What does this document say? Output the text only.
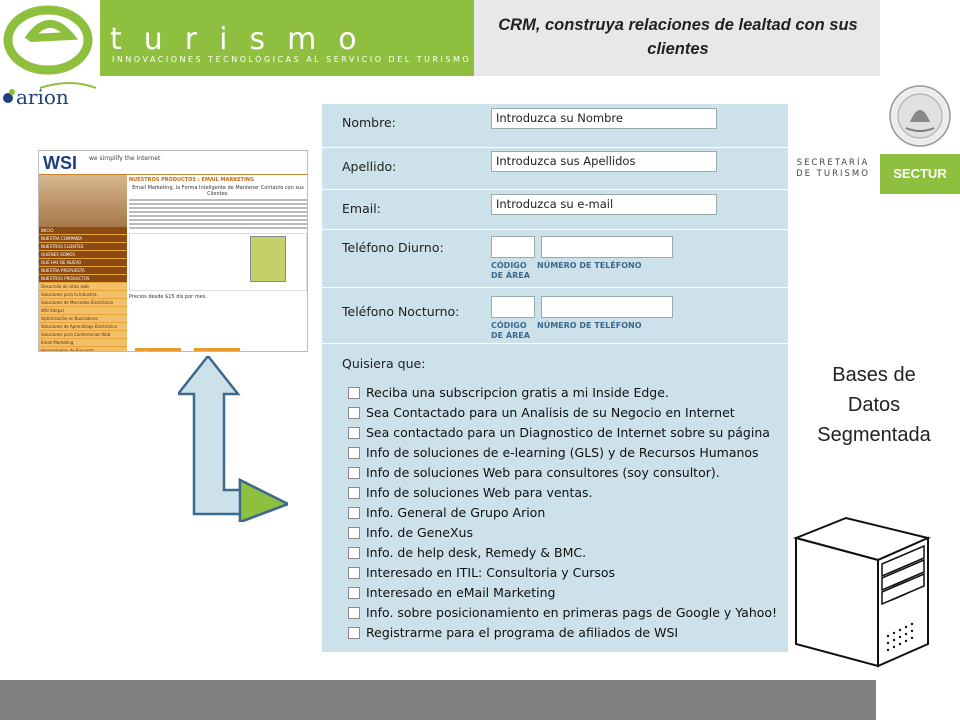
turismo
INNOVACIONES TECNOLÓGICAS AL SERVICIO DEL TURISMO
CRM, construya relaciones de lealtad con sus clientes
arion
SECRETARÍA DE TURISMO	SECTUR
WSI we simplify the Internet
INICIO
NUESTRA COMPAÑÍA
NUESTROS CLIENTES
QUIÉNES SOMOS
QUÉ HAY DE NUEVO
NUESTRA PROPUESTA
NUESTROS PRODUCTOS
Desarrollo de sitios web
Soluciones para la Industria
Soluciones de Mercadeo Electrónico
WSI Sitepal
Optimización en Buscadores
Soluciones de Aprendizaje Electrónico
Soluciones para Conferencias Web
Email Marketing
Herramientas de Encuesta
NUESTROS PRODUCTOS : EMAIL MARKETING
Email Marketing, la Forma Inteligente de Mantener Contacto con sus Clientes.
Precios desde $15 dls por mes.

Nombre:	Introduzca su Nombre
Apellido:	Introduzca sus Apellidos
Email:	Introduzca su e-mail
Teléfono Diurno:
CÓDIGO DE ÁREA
NÚMERO DE TELÉFONO
Teléfono Nocturno:
CÓDIGO DE ÁREA
NÚMERO DE TELÉFONO
Quisiera que:
Reciba una subscripcion gratis a mi Inside Edge.
Sea Contactado para un Analisis de su Negocio en Internet
Sea contactado para un Diagnostico de Internet sobre su página
Info de soluciones de e-learning (GLS) y de Recursos Humanos
Info de soluciones Web para consultores (soy consultor).
Info de soluciones Web para ventas.
Info. General de Grupo Arion
Info. de GeneXus
Info. de help desk, Remedy & BMC.
Interesado en ITIL: Consultoria y Cursos
Interesado en eMail Marketing
Info. sobre posicionamiento en primeras pags de Google y Yahoo!
Registrarme para el programa de afiliados de WSI
Bases de Datos Segmentada
